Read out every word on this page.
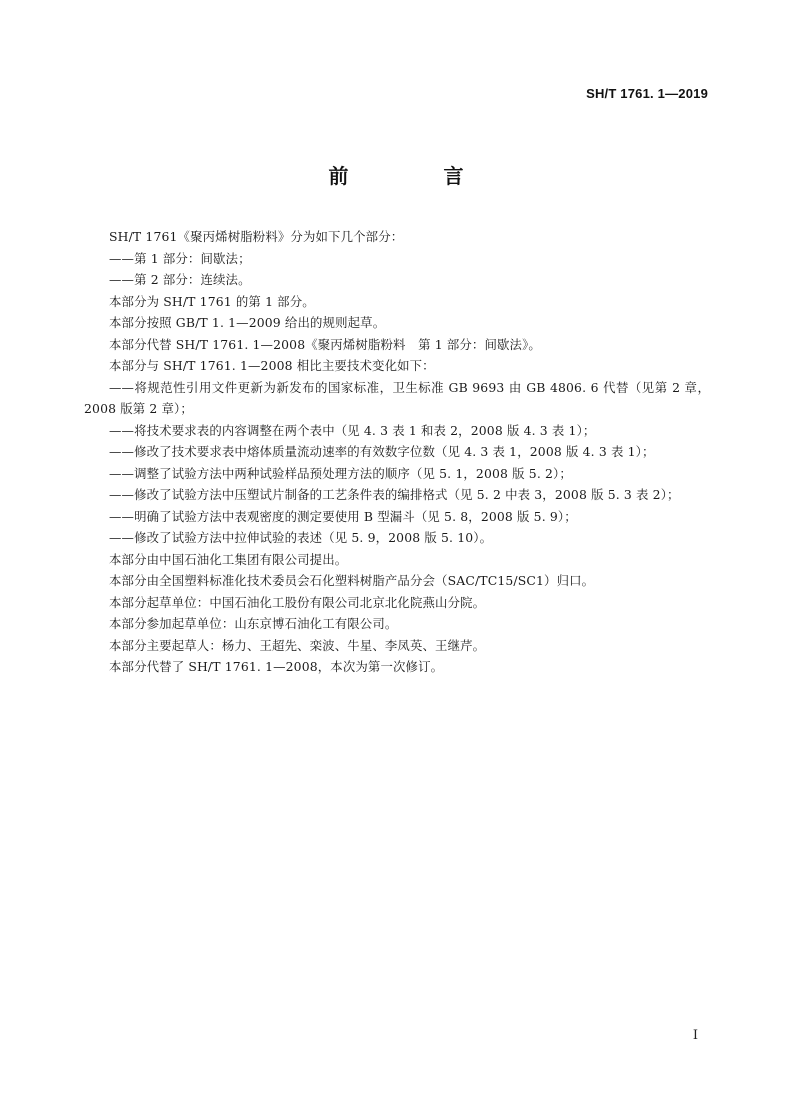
SH/T 1761. 1—2019
前 言

SH/T 1761《聚丙烯树脂粉料》分为如下几个部分：

——第 1 部分：间歇法；

——第 2 部分：连续法。

本部分为 SH/T 1761 的第 1 部分。

本部分按照 GB/T 1. 1—2009 给出的规则起草。

本部分代替 SH/T 1761. 1—2008《聚丙烯树脂粉料　第 1 部分：间歇法》。

本部分与 SH/T 1761. 1—2008 相比主要技术变化如下：

——将规范性引用文件更新为新发布的国家标准，卫生标准 GB 9693 由 GB 4806. 6 代替（见第 2 章，2008 版第 2 章）；

——将技术要求表的内容调整在两个表中（见 4. 3 表 1 和表 2，2008 版 4. 3 表 1）；

——修改了技术要求表中熔体质量流动速率的有效数字位数（见 4. 3 表 1，2008 版 4. 3 表 1）；

——调整了试验方法中两种试验样品预处理方法的顺序（见 5. 1，2008 版 5. 2）；

——修改了试验方法中压塑试片制备的工艺条件表的编排格式（见 5. 2 中表 3，2008 版 5. 3 表 2）；

——明确了试验方法中表观密度的测定要使用 B 型漏斗（见 5. 8，2008 版 5. 9）；

——修改了试验方法中拉伸试验的表述（见 5. 9，2008 版 5. 10）。

本部分由中国石油化工集团有限公司提出。

本部分由全国塑料标准化技术委员会石化塑料树脂产品分会（SAC/TC15/SC1）归口。

本部分起草单位：中国石油化工股份有限公司北京北化院燕山分院。

本部分参加起草单位：山东京博石油化工有限公司。

本部分主要起草人：杨力、王超先、栾波、牛星、李凤英、王继芹。

本部分代替了 SH/T 1761. 1—2008，本次为第一次修订。

I
